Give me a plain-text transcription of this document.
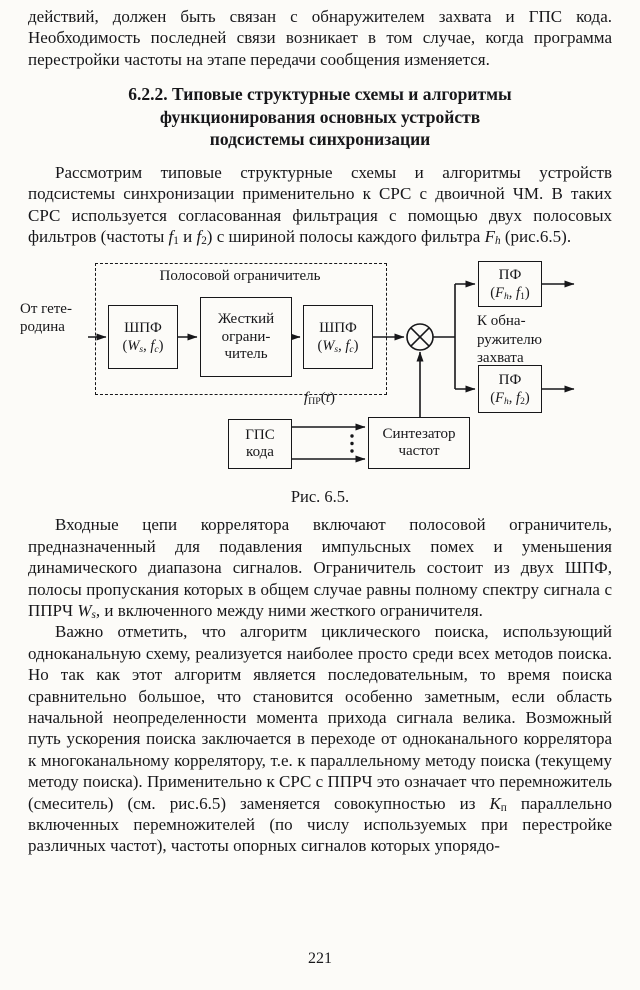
действий, должен быть связан с обнаружителем захвата и ГПС кода. Необходимость последней связи возникает в том случае, когда программа перестройки частоты на этапе передачи сообщения изменяется.

6.2.2. Типовые структурные схемы и алгоритмы
функционирования основных устройств
подсистемы синхронизации

Рассмотрим типовые структурные схемы и алгоритмы устройств подсистемы синхронизации применительно к СРС с двоичной ЧМ. В таких СРС используется согласованная фильтрация с помощью двух полосовых фильтров (частоты $f_1$ и $f_2$) с шириной полосы каждого фильтра $F_h$ (рис.6.5).

Полосовой ограничитель
От гете-
родина	ШПФ
($W_s$, $f_c$)
Жесткий
ограни-
читель
ШПФ
($W_s$, $f_c$)
ПФ
($F_h$, $f_1$)
ПФ
($F_h$, $f_2$)
К обна-
ружителю
захвата
ГПС
кода
Синтезатор
частот
$f_{ПР}(t)$
Рис. 6.5.

Входные цепи коррелятора включают полосовой ограничитель, предназначенный для подавления импульсных помех и уменьшения динамического диапазона сигналов. Ограничитель состоит из двух ШПФ, полосы пропускания которых в общем случае равны полному спектру сигнала с ППРЧ $W_s$, и включенного между ними жесткого ограничителя.

Важно отметить, что алгоритм циклического поиска, использующий одноканальную схему, реализуется наиболее просто среди всех методов поиска. Но так как этот алгоритм является последовательным, то время поиска сравнительно большое, что становится особенно заметным, если область начальной неопределенности момента прихода сигнала велика. Возможный путь ускорения поиска заключается в переходе от одноканального коррелятора к многоканальному коррелятору, т.е. к параллельному методу поиска (текущему методу поиска). Применительно к СРС с ППРЧ это означает что перемножитель (смеситель) (см. рис.6.5) заменяется совокупностью из $K_п$ параллельно включенных перемножителей (по числу используемых при перестройке различных частот), частоты опорных сигналов которых упорядо-

221
